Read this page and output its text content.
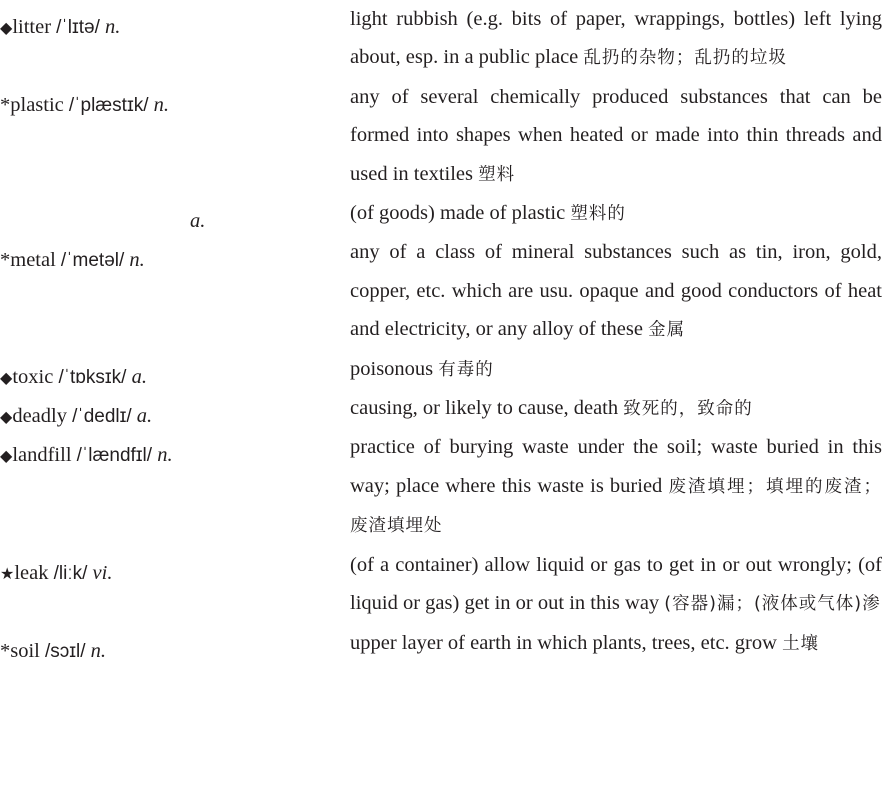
◆litter /ˈlɪtə/ n.	light rubbish (e.g. bits of paper, wrappings, bottles) left lying about, esp. in a public place 乱扔的杂物；乱扔的垃圾
*plastic /ˈplæstɪk/ n.	any of several chemically produced substances that can be formed into shapes when heated or made into thin threads and used in textiles 塑料
a.	(of goods) made of plastic 塑料的
*metal /ˈmetəl/ n.	any of a class of mineral substances such as tin, iron, gold, copper, etc. which are usu. opaque and good conductors of heat and electricity, or any alloy of these 金属
◆toxic /ˈtɒksɪk/ a.	poisonous 有毒的
◆deadly /ˈdedlɪ/ a.	causing, or likely to cause, death 致死的，致命的
◆landfill /ˈlændfɪl/ n.	practice of burying waste under the soil; waste buried in this way; place where this waste is buried 废渣填埋；填埋的废渣；废渣填埋处
★leak /liːk/ vi.	(of a container) allow liquid or gas to get in or out wrongly; (of liquid or gas) get in or out in this way (容器)漏；(液体或气体)渗
*soil /sɔɪl/ n.	upper layer of earth in which plants, trees, etc. grow 土壤
